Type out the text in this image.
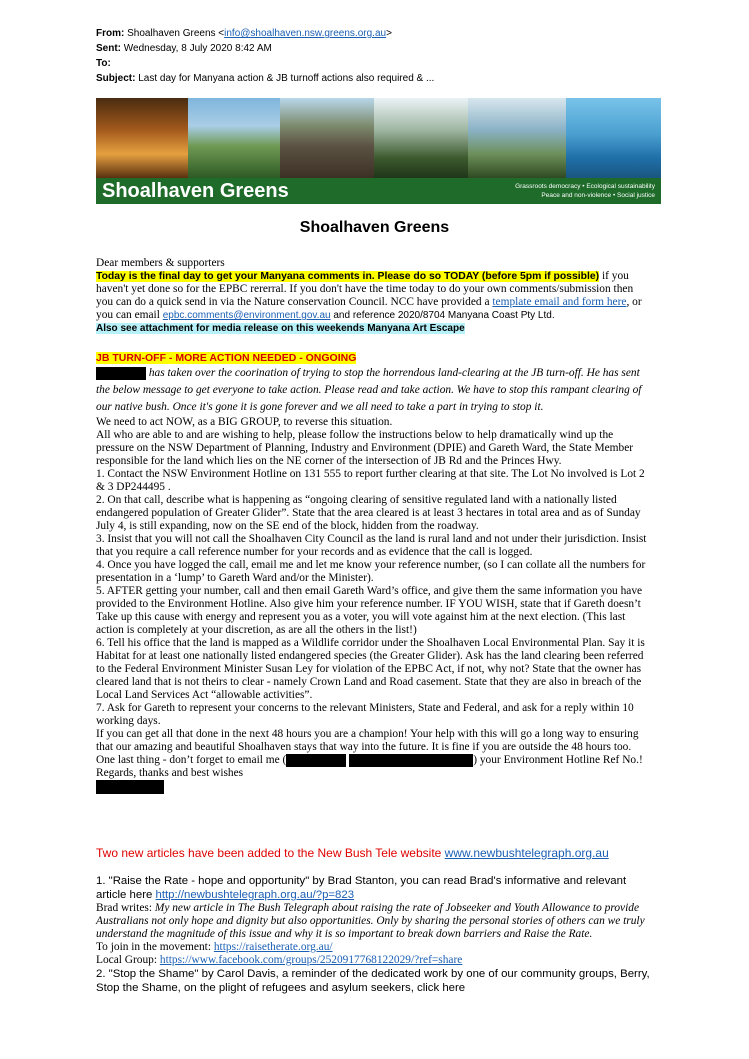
From: Shoalhaven Greens <info@shoalhaven.nsw.greens.org.au>
Sent: Wednesday, 8 July 2020 8:42 AM
To:
Subject: Last day for Manyana action & JB turnoff actions also required & ...
Shoalhaven Greens	Grassroots democracy • Ecological sustainability
Peace and non-violence • Social justice
Shoalhaven Greens

Dear members & supporters

Today is the final day to get your Manyana comments in. Please do so TODAY (before 5pm if possible) if you haven't yet done so for the EPBC rererral. If you don't have the time today to do your own comments/submission then you can do a quick send in via the Nature conservation Council. NCC have provided a template email and form here, or you can email epbc.comments@environment.gov.au and reference 2020/8704 Manyana Coast Pty Ltd.

Also see attachment for media release on this weekends Manyana Art Escape

JB TURN-OFF - MORE ACTION NEEDED - ONGOING

has taken over the coorination of trying to stop the horrendous land-clearing at the JB turn-off. He has sent the below message to get everyone to take action. Please read and take action. We have to stop this rampant clearing of our native bush. Once it's gone it is gone forever and we all need to take a part in trying to stop it.

We need to act NOW, as a BIG GROUP, to reverse this situation.

All who are able to and are wishing to help, please follow the instructions below to help dramatically wind up the pressure on the NSW Department of Planning, Industry and Environment (DPIE) and Gareth Ward, the State Member responsible for the land which lies on the NE corner of the intersection of JB Rd and the Princes Hwy.

1. Contact the NSW Environment Hotline on 131 555 to report further clearing at that site. The Lot No involved is Lot 2 & 3 DP244495 .

2. On that call, describe what is happening as “ongoing clearing of sensitive regulated land with a nationally listed endangered population of Greater Glider”. State that the area cleared is at least 3 hectares in total area and as of Sunday July 4, is still expanding, now on the SE end of the block, hidden from the roadway.

3. Insist that you will not call the Shoalhaven City Council as the land is rural land and not under their jurisdiction. Insist that you require a call reference number for your records and as evidence that the call is logged.

4. Once you have logged the call, email me and let me know your reference number, (so I can collate all the numbers for presentation in a ‘lump’ to Gareth Ward and/or the Minister).

5. AFTER getting your number, call and then email Gareth Ward’s office, and give them the same information you have provided to the Environment Hotline. Also give him your reference number. IF YOU WISH, state that if Gareth doesn’t Take up this cause with energy and represent you as a voter, you will vote against him at the next election. (This last action is completely at your discretion, as are all the others in the list!)

6. Tell his office that the land is mapped as a Wildlife corridor under the Shoalhaven Local Environmental Plan. Say it is Habitat for at least one nationally listed endangered species (the Greater Glider). Ask has the land clearing been referred to the Federal Environment Minister Susan Ley for violation of the EPBC Act, if not, why not? State that the owner has cleared land that is not theirs to clear - namely Crown Land and Road casement. State that they are also in breach of the Local Land Services Act “allowable activities”.

7. Ask for Gareth to represent your concerns to the relevant Ministers, State and Federal, and ask for a reply within 10 working days.

If you can get all that done in the next 48 hours you are a champion! Your help with this will go a long way to ensuring that our amazing and beautiful Shoalhaven stays that way into the future. It is fine if you are outside the 48 hours too.

One last thing - don’t forget to email me (	) your Environment Hotline Ref No.!

Regards, thanks and best wishes

Two new articles have been added to the New Bush Tele website www.newbushtelegraph.org.au

1. "Raise the Rate - hope and opportunity" by Brad Stanton, you can read Brad's informative and relevant article here http://newbushtelegraph.org.au/?p=823

Brad writes: My new article in The Bush Telegraph about raising the rate of Jobseeker and Youth Allowance to provide Australians not only hope and dignity but also opportunities. Only by sharing the personal stories of others can we truly understand the magnitude of this issue and why it is so important to break down barriers and Raise the Rate.

To join in the movement: https://raisetherate.org.au/

Local Group: https://www.facebook.com/groups/2520917768122029/?ref=share

2. "Stop the Shame" by Carol Davis, a reminder of the dedicated work by one of our community groups, Berry, Stop the Shame, on the plight of refugees and asylum seekers, click here
